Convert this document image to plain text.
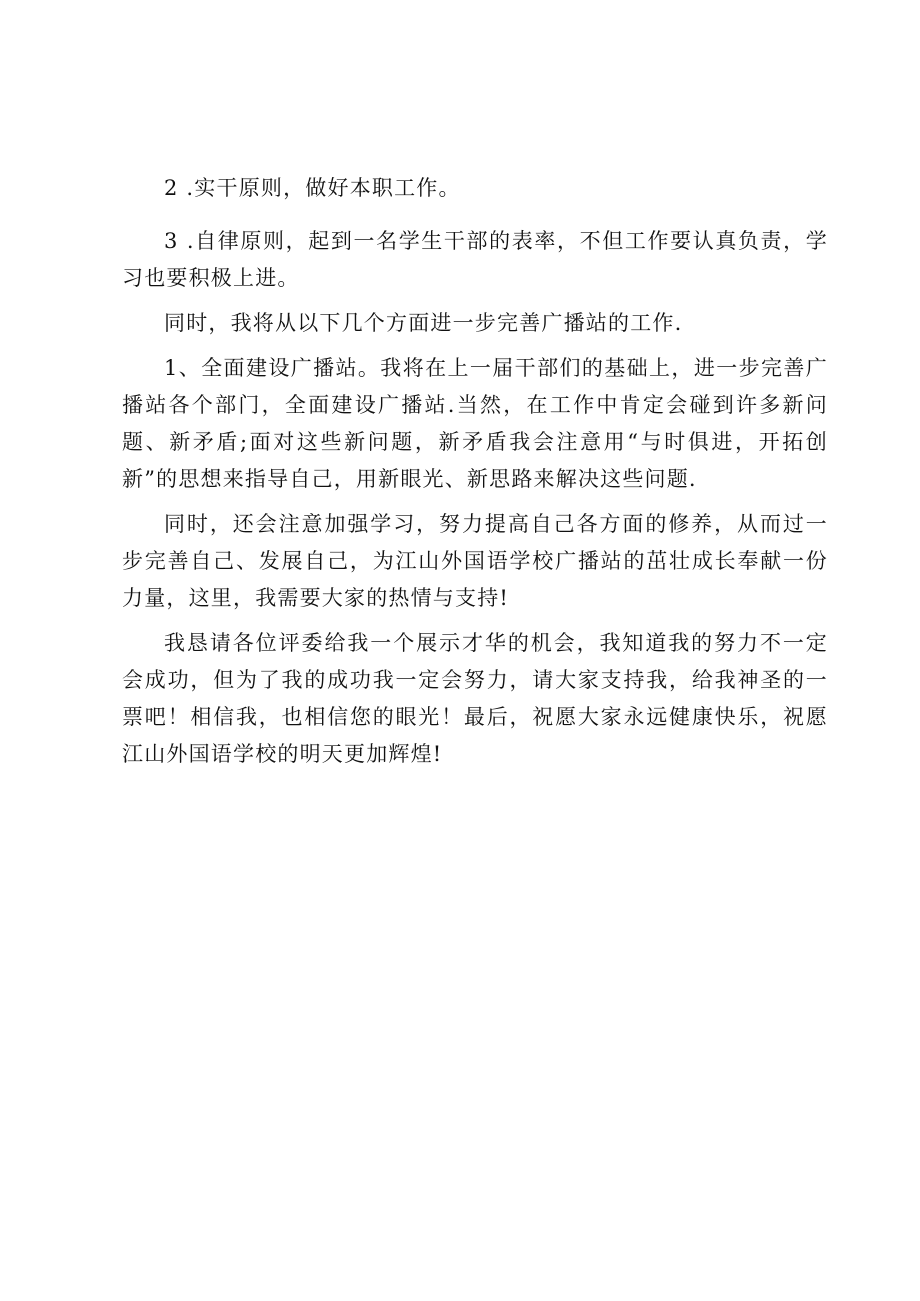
2 .实干原则，做好本职工作。

3 .自律原则，起到一名学生干部的表率，不但工作要认真负责，学习也要积极上进。

同时，我将从以下几个方面进一步完善广播站的工作.

1、全面建设广播站。我将在上一届干部们的基础上，进一步完善广播站各个部门，全面建设广播站.当然，在工作中肯定会碰到许多新问题、新矛盾;面对这些新问题，新矛盾我会注意用“与时俱进，开拓创新”的思想来指导自己，用新眼光、新思路来解决这些问题.

同时，还会注意加强学习，努力提高自己各方面的修养，从而过一步完善自己、发展自己，为江山外国语学校广播站的茁壮成长奉献一份力量，这里，我需要大家的热情与支持!

我恳请各位评委给我一个展示才华的机会，我知道我的努力不一定会成功，但为了我的成功我一定会努力，请大家支持我，给我神圣的一票吧！相信我，也相信您的眼光！最后，祝愿大家永远健康快乐，祝愿江山外国语学校的明天更加辉煌!
